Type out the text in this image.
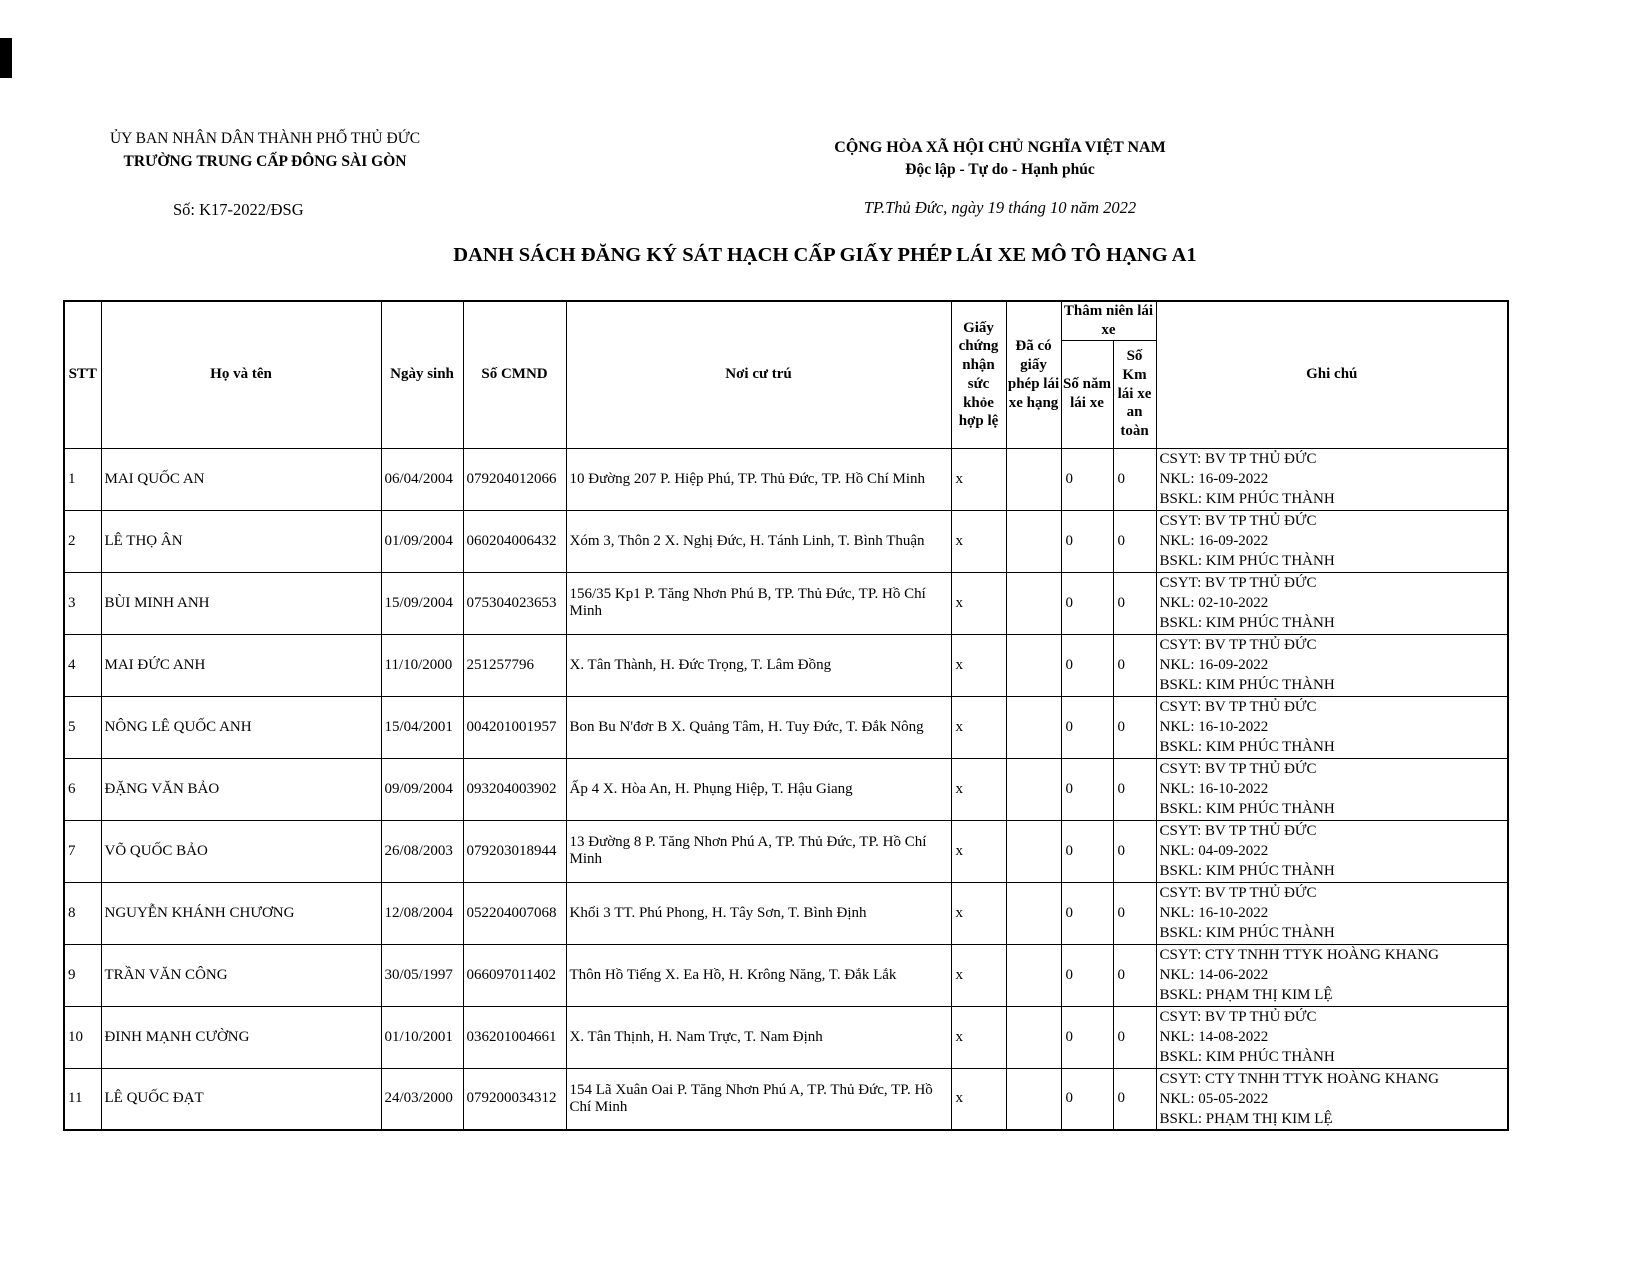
ỦY BAN NHÂN DÂN THÀNH PHỐ THỦ ĐỨC
TRƯỜNG TRUNG CẤP ĐÔNG SÀI GÒN
Số: K17-2022/ĐSG
CỘNG HÒA XÃ HỘI CHỦ NGHĨA VIỆT NAM
Độc lập - Tự do - Hạnh phúc
TP.Thủ Đức, ngày 19 tháng 10 năm 2022
DANH SÁCH ĐĂNG KÝ SÁT HẠCH CẤP GIẤY PHÉP LÁI XE MÔ TÔ HẠNG A1
STT	Họ và tên	Ngày sinh	Số CMND	Nơi cư trú	Giấy chứng nhận sức khỏe hợp lệ	Đã có giấy phép lái xe hạng	Thâm niên lái xe		Ghi chú
							Số năm lái xe	Số Km lái xe an toàn	
1	MAI QUỐC AN	06/04/2004	079204012066	10 Đường 207 P. Hiệp Phú, TP. Thủ Đức, TP. Hồ Chí Minh	x		0	0	CSYT: BV TP THỦ ĐỨC
NKL: 16-09-2022
BSKL: KIM PHÚC THÀNH

2	LÊ THỌ ÂN	01/09/2004	060204006432	Xóm 3, Thôn 2 X. Nghị Đức, H. Tánh Linh, T. Bình Thuận	x		0	0	CSYT: BV TP THỦ ĐỨC
NKL: 16-09-2022
BSKL: KIM PHÚC THÀNH

3	BÙI MINH ANH	15/09/2004	075304023653	156/35 Kp1 P. Tăng Nhơn Phú B, TP. Thủ Đức, TP. Hồ Chí Minh	x		0	0	CSYT: BV TP THỦ ĐỨC
NKL: 02-10-2022
BSKL: KIM PHÚC THÀNH

4	MAI ĐỨC ANH	11/10/2000	251257796	X. Tân Thành, H. Đức Trọng, T. Lâm Đồng	x		0	0	CSYT: BV TP THỦ ĐỨC
NKL: 16-09-2022
BSKL: KIM PHÚC THÀNH

5	NÔNG LÊ QUỐC ANH	15/04/2001	004201001957	Bon Bu N'đơr B X. Quảng Tâm, H. Tuy Đức, T. Đắk Nông	x		0	0	CSYT: BV TP THỦ ĐỨC
NKL: 16-10-2022
BSKL: KIM PHÚC THÀNH

6	ĐẶNG VĂN BẢO	09/09/2004	093204003902	Ấp 4 X. Hòa An, H. Phụng Hiệp, T. Hậu Giang	x		0	0	CSYT: BV TP THỦ ĐỨC
NKL: 16-10-2022
BSKL: KIM PHÚC THÀNH

7	VÕ QUỐC BẢO	26/08/2003	079203018944	13 Đường 8 P. Tăng Nhơn Phú A, TP. Thủ Đức, TP. Hồ Chí Minh	x		0	0	CSYT: BV TP THỦ ĐỨC
NKL: 04-09-2022
BSKL: KIM PHÚC THÀNH

8	NGUYỄN KHÁNH CHƯƠNG	12/08/2004	052204007068	Khối 3 TT. Phú Phong, H. Tây Sơn, T. Bình Định	x		0	0	CSYT: BV TP THỦ ĐỨC
NKL: 16-10-2022
BSKL: KIM PHÚC THÀNH

9	TRẦN VĂN CÔNG	30/05/1997	066097011402	Thôn Hồ Tiếng X. Ea Hồ, H. Krông Năng, T. Đắk Lắk	x		0	0	CSYT: CTY TNHH TTYK HOÀNG KHANG
NKL: 14-06-2022
BSKL: PHẠM THỊ KIM LỆ

10	ĐINH MẠNH CƯỜNG	01/10/2001	036201004661	X. Tân Thịnh, H. Nam Trực, T. Nam Định	x		0	0	CSYT: BV TP THỦ ĐỨC
NKL: 14-08-2022
BSKL: KIM PHÚC THÀNH

11	LÊ QUỐC ĐẠT	24/03/2000	079200034312	154 Lã Xuân Oai P. Tăng Nhơn Phú A, TP. Thủ Đức, TP. Hồ Chí Minh	x		0	0	CSYT: CTY TNHH TTYK HOÀNG KHANG
NKL: 05-05-2022
BSKL: PHẠM THỊ KIM LỆ
